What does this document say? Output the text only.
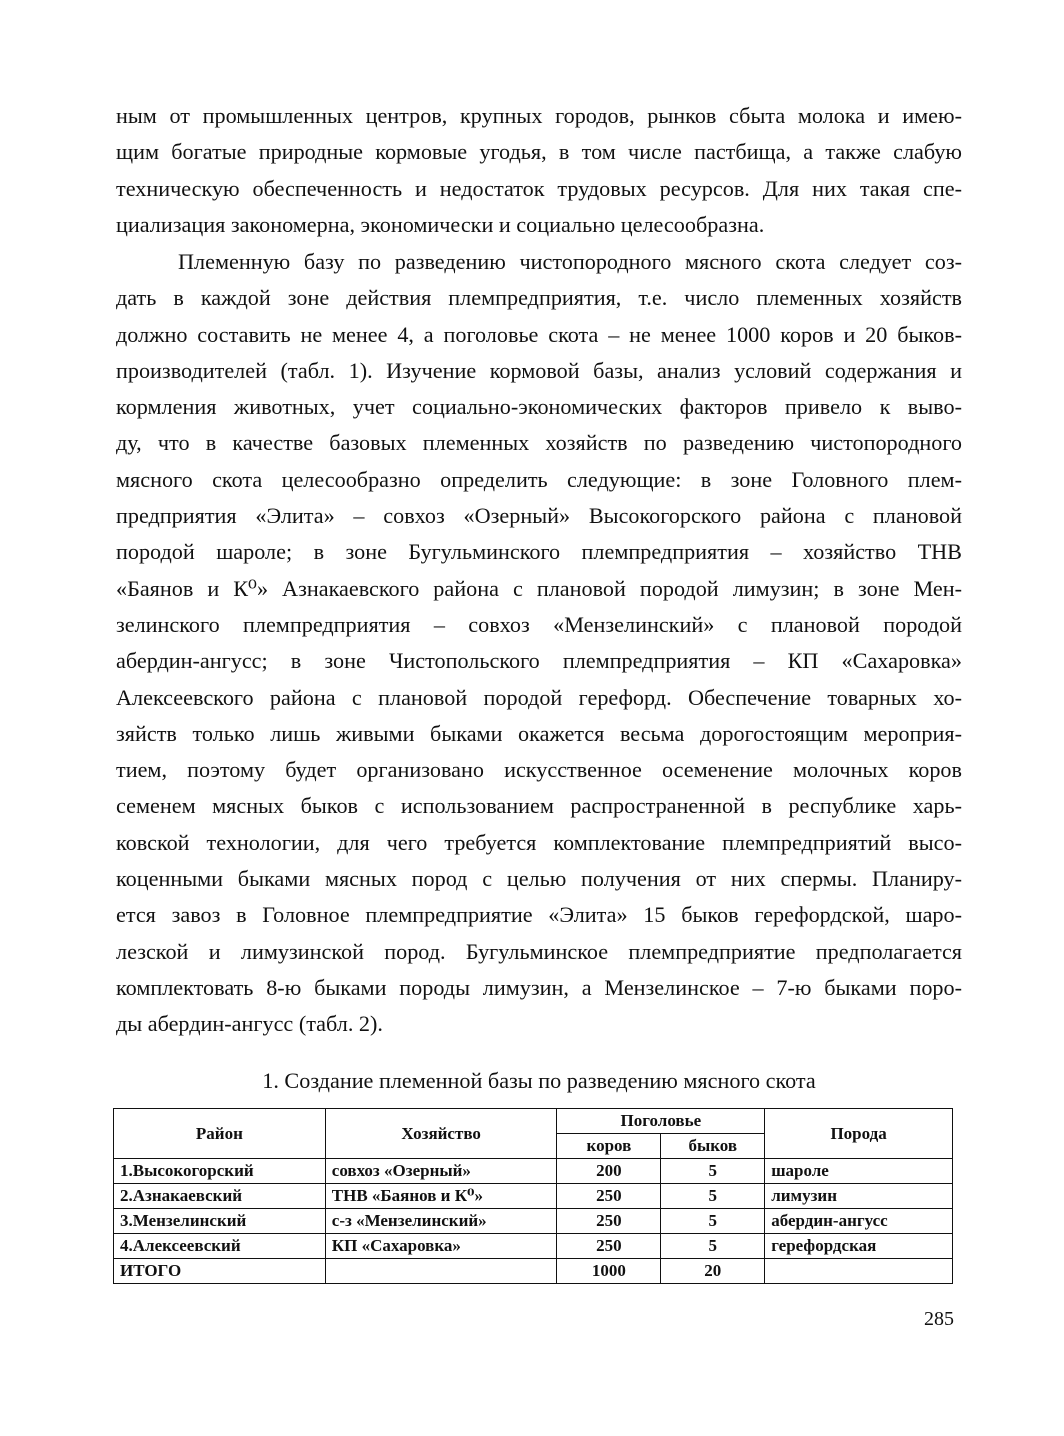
ным от промышленных центров, крупных городов, рынков сбыта молока и имею-
щим богатые природные кормовые угодья, в том числе пастбища, а также слабую
техническую обеспеченность и недостаток трудовых ресурсов. Для них такая спе-
циализация закономерна, экономически и социально целесообразна.

Племенную базу по разведению чистопородного мясного скота следует соз-
дать в каждой зоне действия племпредприятия, т.е. число племенных хозяйств
должно составить не менее 4, а поголовье скота – не менее 1000 коров и 20 быков-
производителей (табл. 1). Изучение кормовой базы, анализ условий содержания и
кормления животных, учет социально-экономических факторов привело к выво-
ду, что в качестве базовых племенных хозяйств по разведению чистопородного
мясного скота целесообразно определить следующие: в зоне Головного плем-
предприятия «Элита» – совхоз «Озерный» Высокогорского района с плановой
породой шароле; в зоне Бугульминского племпредприятия – хозяйство ТНВ
«Баянов и К⁰» Азнакаевского района с плановой породой лимузин; в зоне Мен-
зелинского племпредприятия – совхоз «Мензелинский» с плановой породой
абердин-ангусс; в зоне Чистопольского племпредприятия – КП «Сахаровка»
Алексеевского района с плановой породой герефорд. Обеспечение товарных хо-
зяйств только лишь живыми быками окажется весьма дорогостоящим мероприя-
тием, поэтому будет организовано искусственное осеменение молочных коров
семенем мясных быков с использованием распространенной в республике харь-
ковской технологии, для чего требуется комплектование племпредприятий высо-
коценными быками мясных пород с целью получения от них спермы. Планиру-
ется завоз в Головное племпредприятие «Элита» 15 быков герефордской, шаро-
лезской и лимузинской пород. Бугульминское племпредприятие предполагается
комплектовать 8-ю быками породы лимузин, а Мензелинское – 7-ю быками поро-
ды абердин-ангусс (табл. 2).

1. Создание племенной базы по разведению мясного скота
Район	Хозяйство	Поголовье		Порода
		коров	быков	
1.Высокогорский	совхоз «Озерный»	200	5	шароле
2.Азнакаевский	ТНВ «Баянов и К⁰»	250	5	лимузин
3.Мензелинский	с-з «Мензелинский»	250	5	абердин-ангусс
4.Алексеевский	КП «Сахаровка»	250	5	герефордская
ИТОГО		1000	20	
285
